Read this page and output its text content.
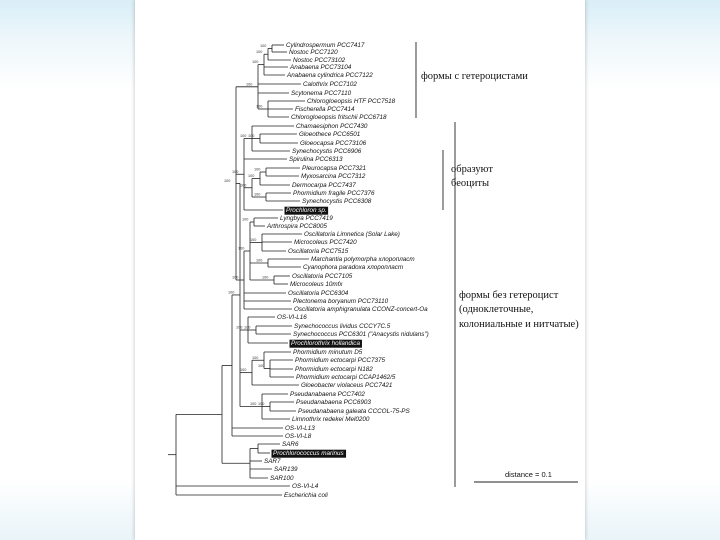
100
100
100
100
100
100
100
100
100
100
100
100
100
100
100
100
100
100
100
100
100
100
100
100
100
100
100
Cylindrospermum PCC7417
Nostoc PCC7120
Nostoc PCC73102
Anabaena PCC73104
Anabaena cylindrica PCC7122
Calothrix PCC7102
Scytonema PCC7110
Chlorogloeopsis HTF PCC7518
Fischerella PCC7414
Chlorogloeopsis fritschii PCC6718
Chamaesiphon PCC7430
Gloeothece PCC6501
Gloeocapsa PCC73106
Synechocystis PCC6906
Spirulina PCC6313
Pleurocapsa PCC7321
Myxosarcina PCC7312
Dermocarpa PCC7437
Phormidium fragile PCC7376
Synechocystis PCC6308
Prochloron sp.
Lyngbya PCC7419
Arthrospira PCC8005
Oscillatoria Limnetica (Solar Lake)
Microcoleus PCC7420
Oscillatoria PCC7515
Marchantia polymorpha хлоропласт
Cyanophora paradoxa хлоропласт
Oscillatoria PCC7105
Microcoleus 10mfx
Oscillatoria PCC6304
Plectonema boryanum PCC73110
Oscillatoria amphigranulata CCONZ-concert-Oa
OS-VI-L16
Synechococcus lividus CCCY7C.5
Synechococcus PCC6301 ("Anacystis nidulans")
Prochlorothrix hollandica
Phormidium minutum D5
Phormidium ectocarpi PCC7375
Phormidium ectocarpi N182
Phormidium ectocarpi CCAP1462/5
Gloeobacter violaceus PCC7421
Pseudanabaena PCC7402
Pseudanabaena PCC6903
Pseudanabaena galeata CCCOL-75-PS
Limnothrix redekei Mel0200
OS-VI-L13
OS-VI-L8
SAR6
Prochlorococcus marinus
SAR7
SAR139
SAR100
OS-VI-L4
Escherichia coli
формы с гетероцистами
образуют
беоциты
формы без гетероцист
(одноклеточные,
колониальные и нитчатые)
distance = 0.1
